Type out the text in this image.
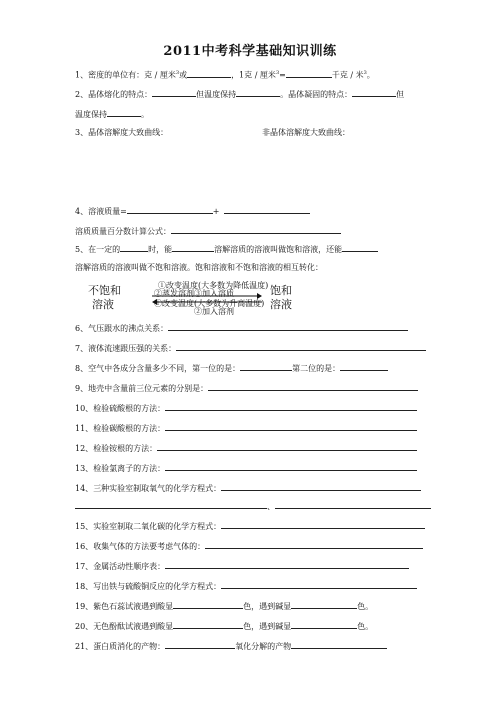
2011中考科学基础知识训练
1、密度的单位有：克 / 厘米$^3$或	，1克 / 厘米$^3$=	千克 / 米$^3$。
2、晶体熔化的特点：	但温度保持	。晶体凝固的特点：	但
温度保持	。
3、晶体溶解度大致曲线：	非晶体溶解度大致曲线：
4、溶液质量=	+
溶质质量百分数计算公式：
5、在一定的	时，能	溶解溶质的溶液叫做饱和溶液，还能
溶解溶质的溶液叫做不饱和溶液。饱和溶液和不饱和溶液的相互转化：
不饱和
溶液
①改变温度(大多数为降低温度)
②蒸发溶剂③加入溶质
①改变温度(大多数为升高温度)
②加入溶剂
饱和
溶液
6、气压跟水的沸点关系：
7、液体流速跟压强的关系：
8、空气中各成分含量多少不同，第一位的是：	第二位的是：
9、地壳中含量前三位元素的分别是：
10、检验硫酸根的方法：
11、检验碳酸根的方法：
12、检验铵根的方法：
13、检验氯离子的方法：
14、三种实验室制取氧气的化学方程式：
、
15、实验室制取二氧化碳的化学方程式：
16、收集气体的方法要考虑气体的：
17、金属活动性顺序表：
18、写出铁与硫酸铜反应的化学方程式：
19、紫色石蕊试液遇到酸显	色，遇到碱显	色。
20、无色酚酞试液遇到酸显	色，遇到碱显	色。
21、蛋白质消化的产物：	氧化分解的产物
